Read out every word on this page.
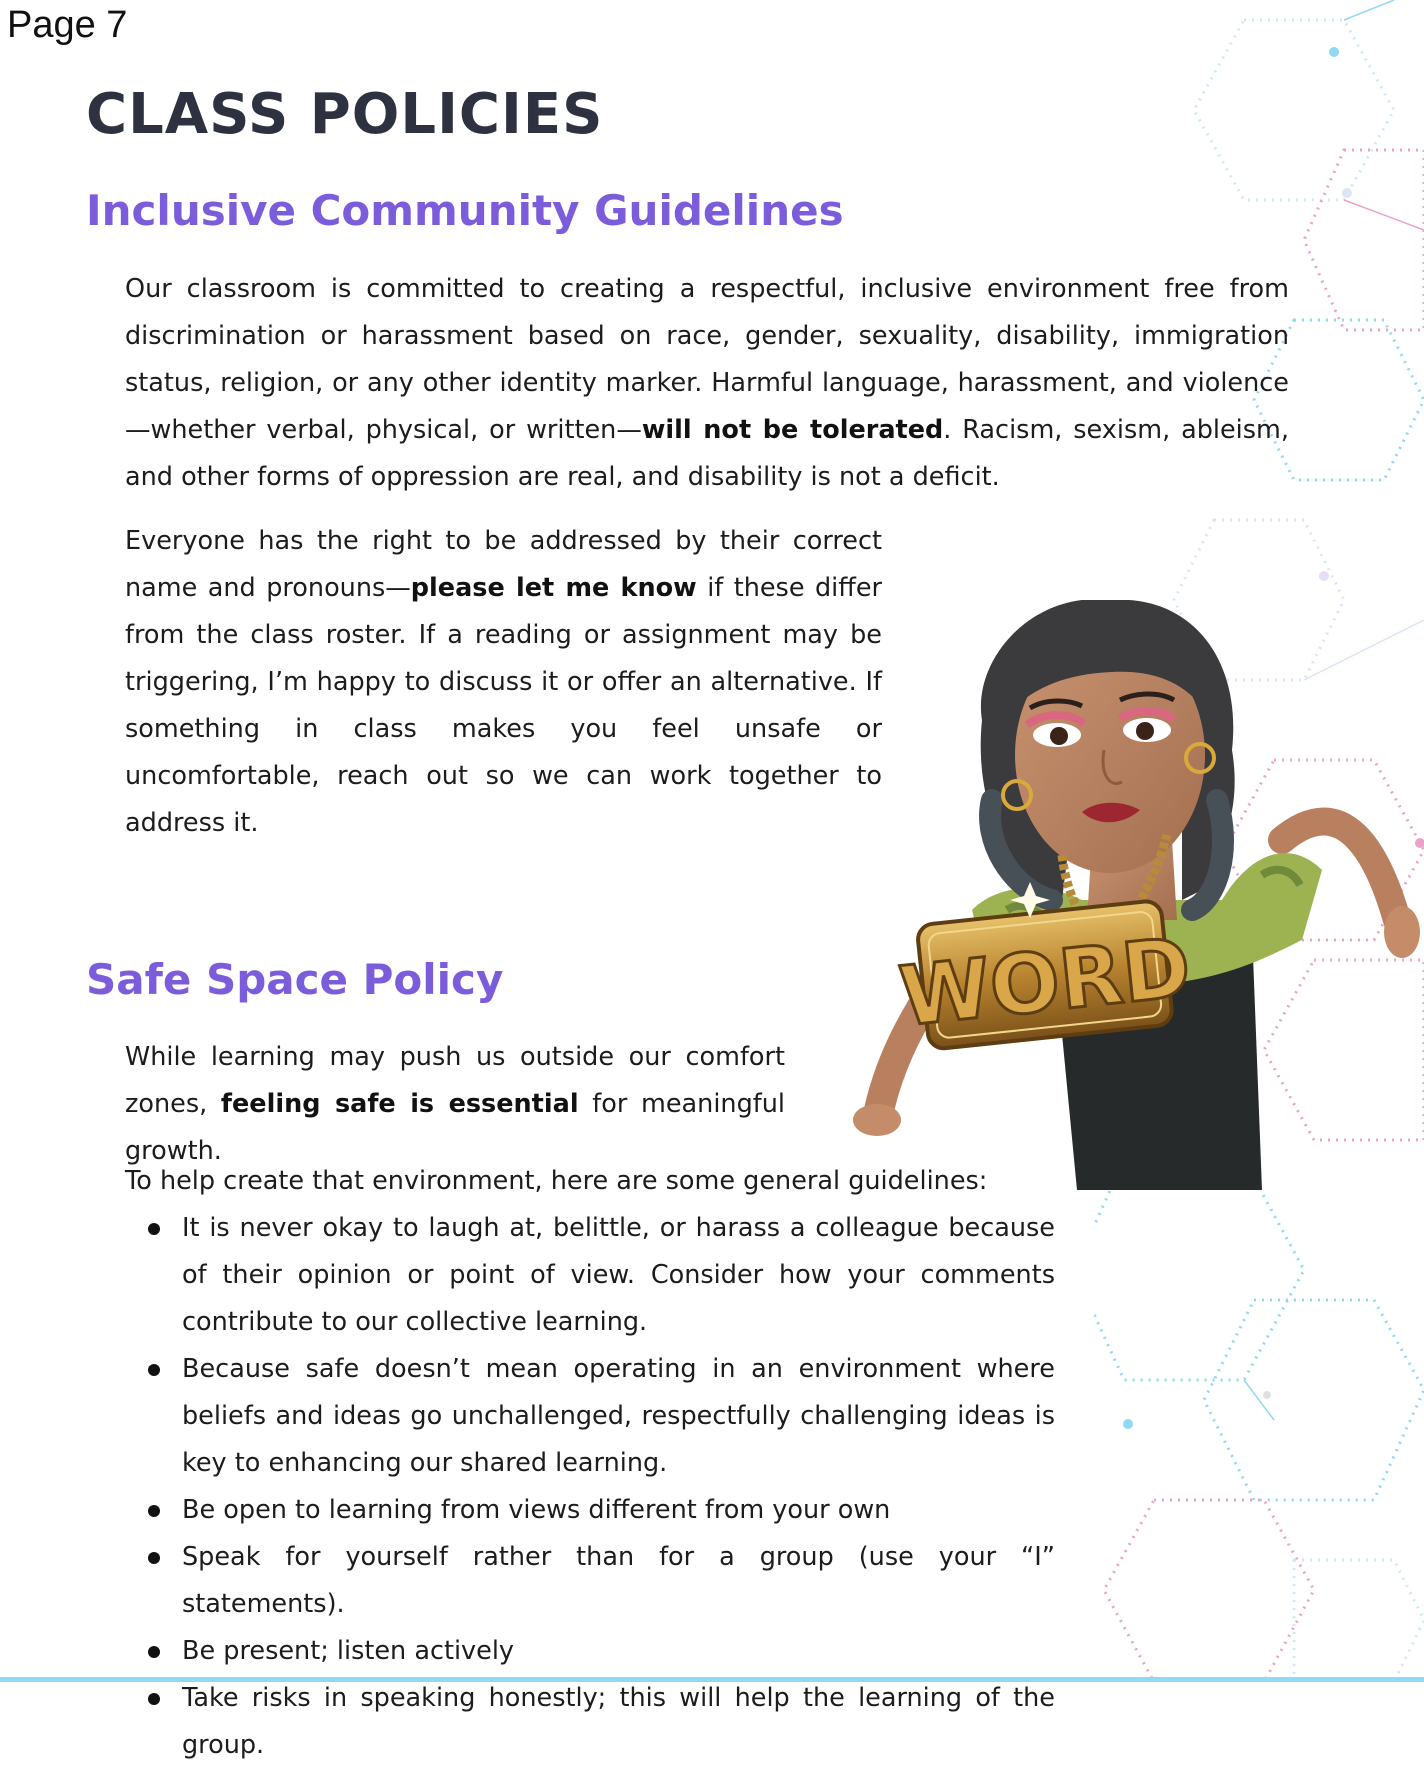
Page 7
CLASS POLICIES
Inclusive Community Guidelines

Our classroom is committed to creating a respectful, inclusive environment free from discrimination or harassment based on race, gender, sexuality, disability, immigration status, religion, or any other identity marker. Harmful language, harassment, and violence—whether verbal, physical, or written—will not be tolerated. Racism, sexism, ableism, and other forms of oppression are real, and disability is not a deficit.

Everyone has the right to be addressed by their correct name and pronouns—please let me know if these differ from the class roster. If a reading or assignment may be triggering, I’m happy to discuss it or offer an alternative. If something in class makes you feel unsafe or uncomfortable, reach out so we can work together to address it.

Safe Space Policy

While learning may push us outside our comfort zones, feeling safe is essential for meaningful growth.

To help create that environment, here are some general guidelines:

It is never okay to laugh at, belittle, or harass a colleague because of their opinion or point of view. Consider how your comments contribute to our collective learning.
Because safe doesn’t mean operating in an environment where beliefs and ideas go unchallenged, respectfully challenging ideas is key to enhancing our shared learning.
Be open to learning from views different from your own
Speak for yourself rather than for a group (use your “I” statements).
Be present; listen actively
Take risks in speaking honestly; this will help the learning of the group.
WORD
